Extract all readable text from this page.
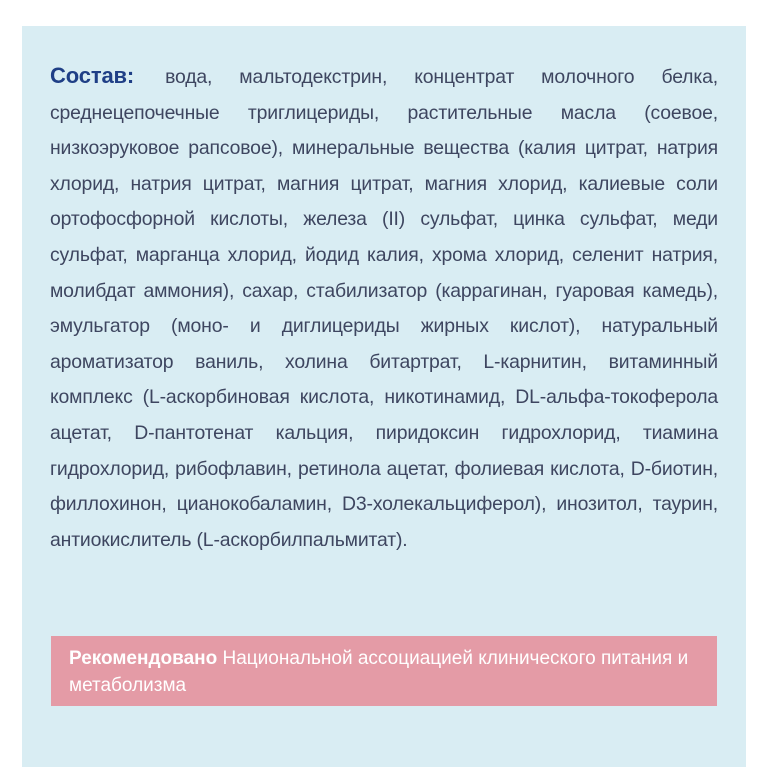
Состав: вода, мальтодекстрин, концентрат молочного белка, среднецепочечные триглицериды, растительные масла (соевое, низкоэруковое рапсовое), минеральные вещества (калия цитрат, натрия хлорид, натрия цитрат, магния цитрат, магния хлорид, калиевые соли ортофосфорной кислоты, железа (II) сульфат, цинка сульфат, меди сульфат, марганца хлорид, йодид калия, хрома хлорид, селенит натрия, молибдат аммония), сахар, стабилизатор (каррагинан, гуаровая камедь), эмульгатор (моно- и диглицериды жирных кислот), натуральный ароматизатор ваниль, холина битартрат, L-карнитин, витаминный комплекс (L-аскорбиновая кислота, никотинамид, DL-альфа-токоферола ацетат, D-пантотенат кальция, пиридоксин гидрохлорид, тиамина гидрохлорид, рибофлавин, ретинола ацетат, фолиевая кислота, D-биотин, филлохинон, цианокобаламин, D3-холекальциферол), инозитол, таурин, антиокислитель (L-аскорбилпальмитат).

Рекомендовано Национальной ассоциацией клинического питания и метаболизма
